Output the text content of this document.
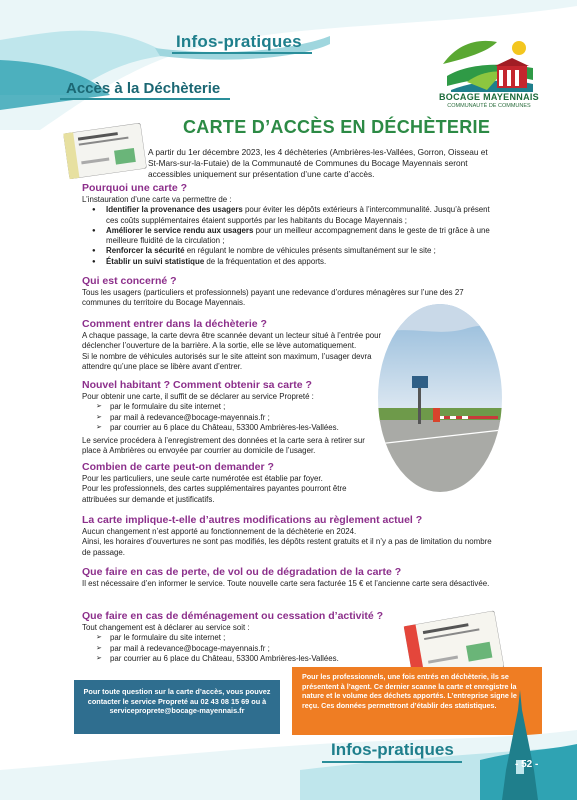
Infos-pratiques
Accès à la Déchèterie	BOCAGE MAYENNAIS
COMMUNAUTÉ DE COMMUNES
CARTE D’ACCÈS EN DÉCHÈTERIE
A partir du 1er décembre 2023, les 4 déchèteries (Ambrières-les-Vallées, Gorron, Oisseau et St-Mars-sur-la-Futaie) de la Communauté de Communes du Bocage Mayennais seront accessibles uniquement sur présentation d’une carte d’accès.
Pourquoi une carte ?
L’instauration d’une carte va permettre de :
● Identifier la provenance des usagers pour éviter les dépôts extérieurs à l’intercommunalité. Jusqu’à présent ces coûts supplémentaires étaient supportés par les habitants du Bocage Mayennais ;
● Améliorer le service rendu aux usagers pour un meilleur accompagnement dans le geste de tri grâce à une meilleure fluidité de la circulation ;
● Renforcer la sécurité en régulant le nombre de véhicules présents simultanément sur le site ;
● Établir un suivi statistique de la fréquentation et des apports.
Qui est concerné ?
Tous les usagers (particuliers et professionnels) payant une redevance d’ordures ménagères sur l’une des 27 communes du territoire du Bocage Mayennais.
Comment entrer dans la déchèterie ?
A chaque passage, la carte devra être scannée devant un lecteur situé à l’entrée pour déclencher l’ouverture de la barrière. A la sortie, elle se lève automatiquement.
Si le nombre de véhicules autorisés sur le site atteint son maximum, l’usager devra attendre qu’une place se libère avant d’entrer.
Nouvel habitant ? Comment obtenir sa carte ?
Pour obtenir une carte, il suffit de se déclarer au service Propreté :
➢ par le formulaire du site internet ;
➢ par mail à redevance@bocage-mayennais.fr ;
➢ par courrier au 6 place du Château, 53300 Ambrières-les-Vallées.
Le service procédera à l’enregistrement des données et la carte sera à retirer sur place à Ambrières ou envoyée par courrier au domicile de l’usager.
Combien de carte peut-on demander ?
Pour les particuliers, une seule carte numérotée est établie par foyer.
Pour les professionnels, des cartes supplémentaires payantes pourront être attribuées sur demande et justificatifs.
La carte implique-t-elle d’autres modifications au règlement actuel ?
Aucun changement n’est apporté au fonctionnement de la déchèterie en 2024.
Ainsi, les horaires d’ouvertures ne sont pas modifiés, les dépôts restent gratuits et il n’y a pas de limitation du nombre de passage.
Que faire en cas de perte, de vol ou de dégradation de la carte ?
Il est nécessaire d’en informer le service. Toute nouvelle carte sera facturée 15 € et l’ancienne carte sera désactivée.
Que faire en cas de déménagement ou cessation d’activité ?
Tout changement est à déclarer au service soit :
➢ par le formulaire du site internet ;
➢ par mail à redevance@bocage-mayennais.fr ;
➢ par courrier au 6 place du Château, 53300 Ambrières-les-Vallées.
Pour toute question sur la carte d’accès, vous pouvez
contacter le service Propreté au 02 43 08 15 69 ou à
serviceproprete@bocage-mayennais.fr
Pour les professionnels, une fois entrés en déchèterie, ils se présentent à l’agent. Ce dernier scanne la carte et enregistre la nature et le volume des déchets apportés. L’entreprise signe le reçu. Ces données permettront d’établir des statistiques.
Infos-pratiques
- 52 -
